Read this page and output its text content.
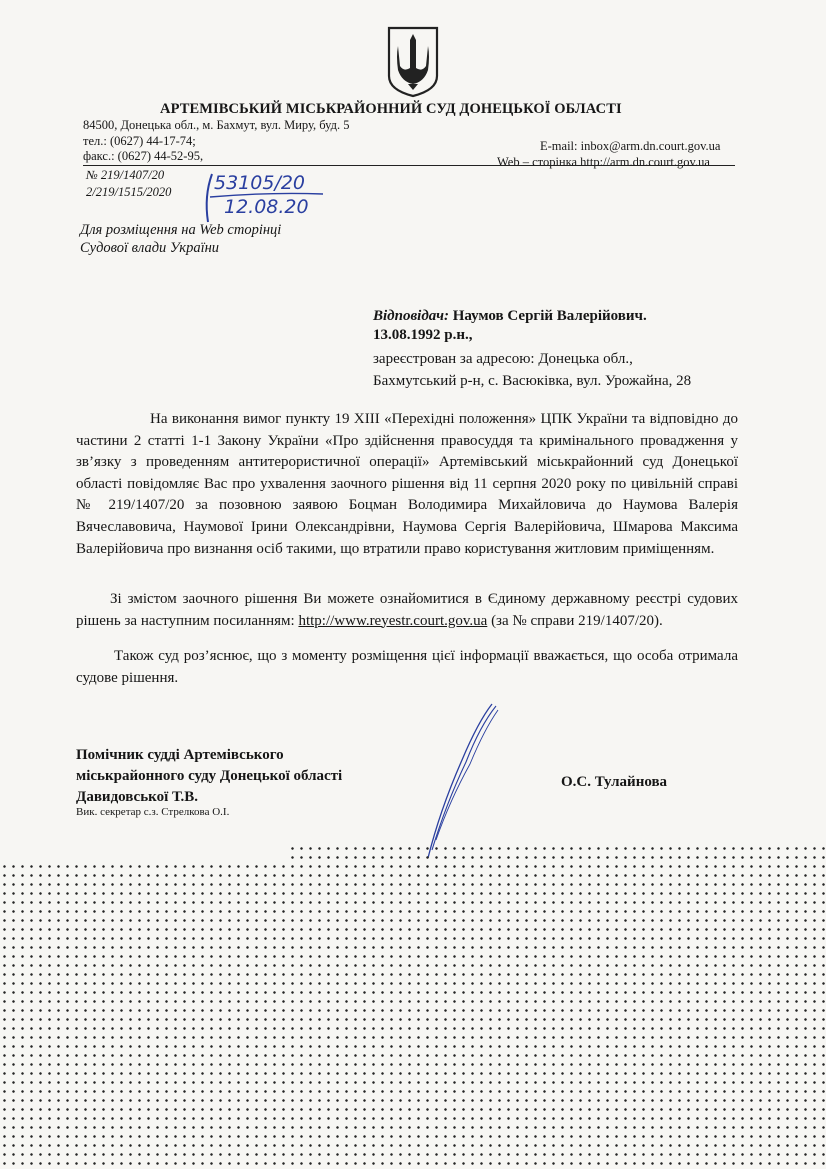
АРТЕМІВСЬКИЙ МІСЬКРАЙОННИЙ СУД ДОНЕЦЬКОЇ ОБЛАСТІ
84500, Донецька обл., м. Бахмут, вул. Миру, буд. 5
тел.: (0627) 44-17-74;
факс.: (0627) 44-52-95,
E-mail: inbox@arm.dn.court.gov.ua
Web – сторінка http://arm.dn.court.gov.ua
№ 219/1407/20
2/219/1515/2020 53105/20
12.08.20
Для розміщення на Web сторінці
Судової влади України
Відповідач: Наумов Сергій Валерійович.
13.08.1992 р.н.,
зареєстрован за адресою: Донецька обл.,
Бахмутський р-н, с. Васюківка, вул. Урожайна, 28
На виконання вимог пункту 19 XIII «Перехідні положення» ЦПК України та відповідно до частини 2 статті 1-1 Закону України «Про здійснення правосуддя та кримінального провадження у зв’язку з проведенням антитерористичної операції» Артемівський міськрайонний суд Донецької області повідомляє Вас про ухвалення заочного рішення від 11 серпня 2020 року по цивільній справі № 219/1407/20 за позовною заявою Боцман Володимира Михайловича до Наумова Валерія Вячеславовича, Наумової Ірини Олександрівни, Наумова Сергія Валерійовича, Шмарова Максима Валерійовича про визнання осіб такими, що втратили право користування житловим приміщенням.
Зі змістом заочного рішення Ви можете ознайомитися в Єдиному державному реєстрі судових рішень за наступним посиланням: http://www.reyestr.court.gov.ua (за № справи 219/1407/20).
Також суд роз’яснює, що з моменту розміщення цієї інформації вважається, що особа отримала судове рішення.
Помічник судді Артемівського
міськрайонного суду Донецької області
Давидовської Т.В.
Вик. секретар с.з. Стрелкова О.І.
О.С. Тулайнова
